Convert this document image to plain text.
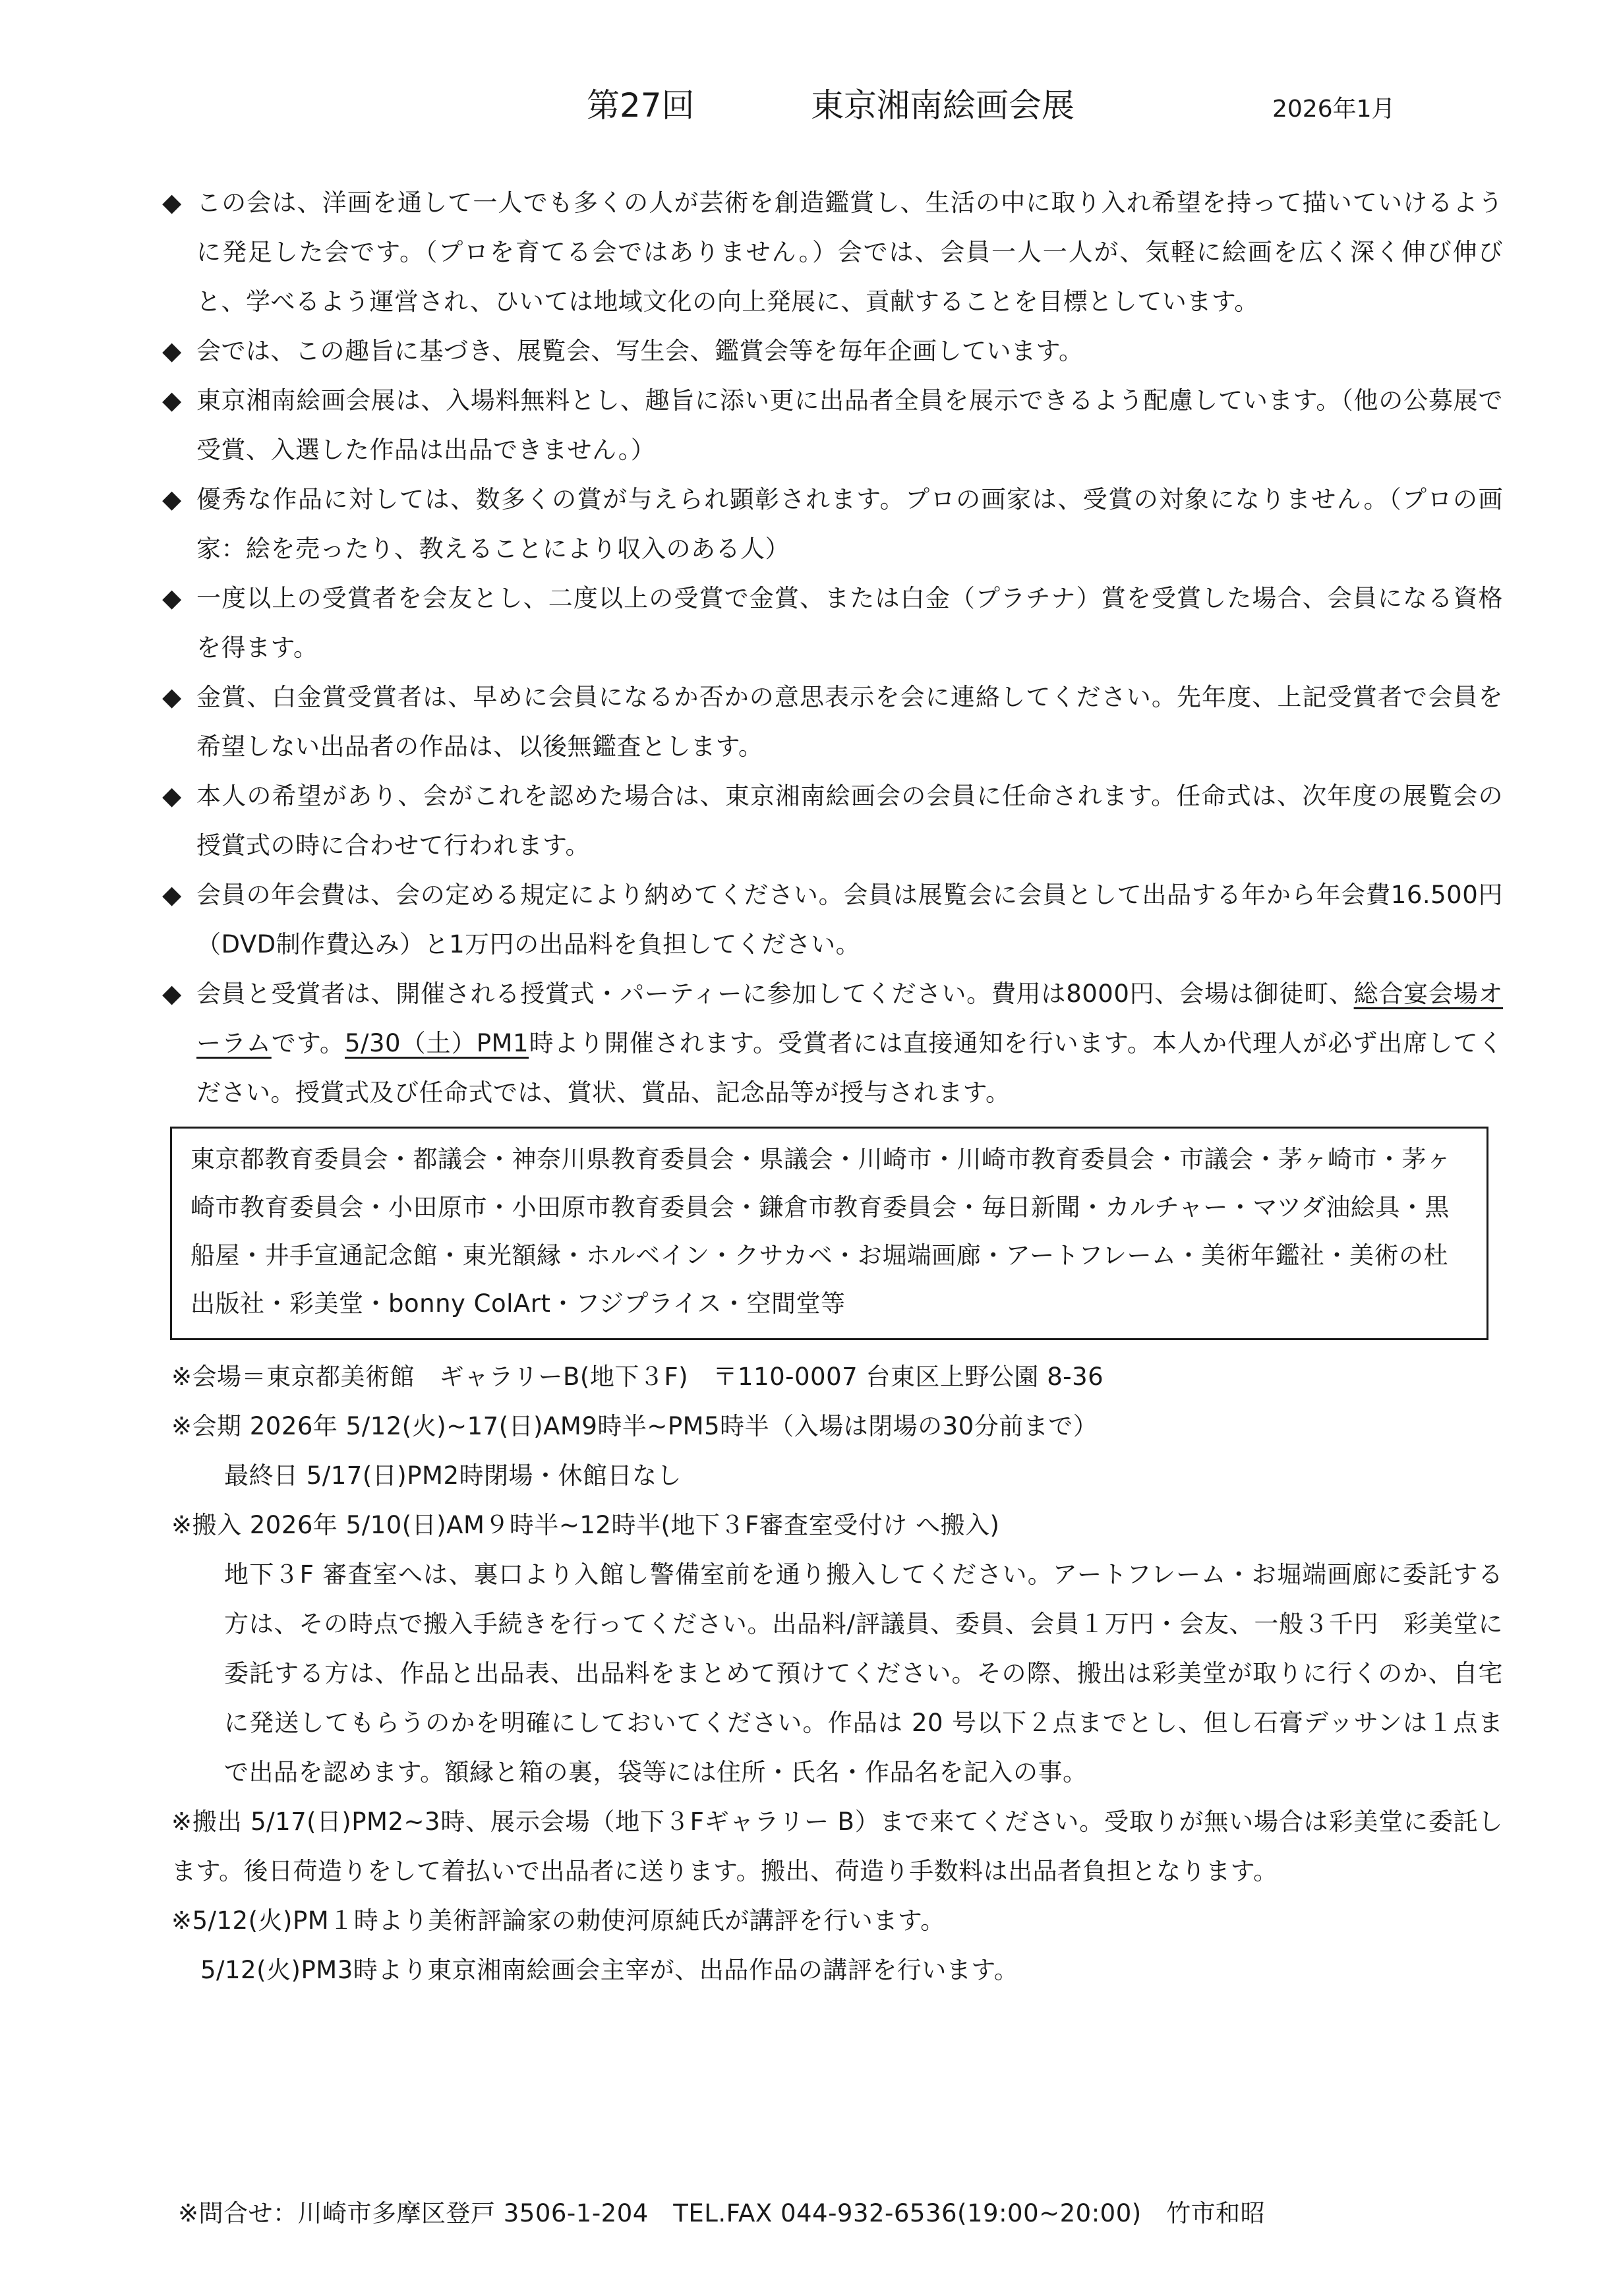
第27回	東京湘南絵画会展	2026年1月
◆ この会は、洋画を通して一人でも多くの人が芸術を創造鑑賞し、生活の中に取り入れ希望を持って描いていけるように発足した会です。（プロを育てる会ではありません。）会では、会員一人一人が、気軽に絵画を広く深く伸び伸びと、学べるよう運営され、ひいては地域文化の向上発展に、貢献することを目標としています。

◆ 会では、この趣旨に基づき、展覧会、写生会、鑑賞会等を毎年企画しています。

◆ 東京湘南絵画会展は、入場料無料とし、趣旨に添い更に出品者全員を展示できるよう配慮しています。（他の公募展で受賞、入選した作品は出品できません。）

◆ 優秀な作品に対しては、数多くの賞が与えられ顕彰されます。プロの画家は、受賞の対象になりません。（プロの画家：絵を売ったり、教えることにより収入のある人）

◆ 一度以上の受賞者を会友とし、二度以上の受賞で金賞、または白金（プラチナ）賞を受賞した場合、会員になる資格を得ます。

◆ 金賞、白金賞受賞者は、早めに会員になるか否かの意思表示を会に連絡してください。先年度、上記受賞者で会員を希望しない出品者の作品は、以後無鑑査とします。

◆ 本人の希望があり、会がこれを認めた場合は、東京湘南絵画会の会員に任命されます。任命式は、次年度の展覧会の授賞式の時に合わせて行われます。

◆ 会員の年会費は、会の定める規定により納めてください。会員は展覧会に会員として出品する年から年会費16.500円（DVD制作費込み）と1万円の出品料を負担してください。

◆ 会員と受賞者は、開催される授賞式・パーティーに参加してください。費用は8000円、会場は御徒町、総合宴会場オーラムです。5/30（土）PM1時より開催されます。受賞者には直接通知を行います。本人か代理人が必ず出席してください。授賞式及び任命式では、賞状、賞品、記念品等が授与されます。

東京都教育委員会・都議会・神奈川県教育委員会・県議会・川崎市・川崎市教育委員会・市議会・茅ヶ崎市・茅ヶ崎市教育委員会・小田原市・小田原市教育委員会・鎌倉市教育委員会・毎日新聞・カルチャー・マツダ油絵具・黒船屋・井手宣通記念館・東光額縁・ホルベイン・クサカベ・お堀端画廊・アートフレーム・美術年鑑社・美術の杜出版社・彩美堂・bonny ColArt・フジプライス・空間堂等

※会場＝東京都美術館　ギャラリーB(地下３F)　〒110-0007 台東区上野公園 8-36

※会期 2026年 5/12(火)~17(日)AM9時半~PM5時半（入場は閉場の30分前まで）

最終日 5/17(日)PM2時閉場・休館日なし

※搬入 2026年 5/10(日)AM９時半~12時半(地下３F審査室受付け へ搬入)

地下３F 審査室へは、裏口より入館し警備室前を通り搬入してください。アートフレーム・お堀端画廊に委託する方は、その時点で搬入手続きを行ってください。出品料/評議員、委員、会員１万円・会友、一般３千円　彩美堂に委託する方は、作品と出品表、出品料をまとめて預けてください。その際、搬出は彩美堂が取りに行くのか、自宅に発送してもらうのかを明確にしておいてください。作品は 20 号以下２点までとし、但し石膏デッサンは１点まで出品を認めます。額縁と箱の裏，袋等には住所・氏名・作品名を記入の事。

※搬出 5/17(日)PM2~3時、展示会場（地下３Fギャラリー B）まで来てください。受取りが無い場合は彩美堂に委託します。後日荷造りをして着払いで出品者に送ります。搬出、荷造り手数料は出品者負担となります。

※5/12(火)PM１時より美術評論家の勅使河原純氏が講評を行います。

5/12(火)PM3時より東京湘南絵画会主宰が、出品作品の講評を行います。

※問合せ：川崎市多摩区登戸 3506-1-204　TEL.FAX 044-932-6536(19:00~20:00)　竹市和昭
